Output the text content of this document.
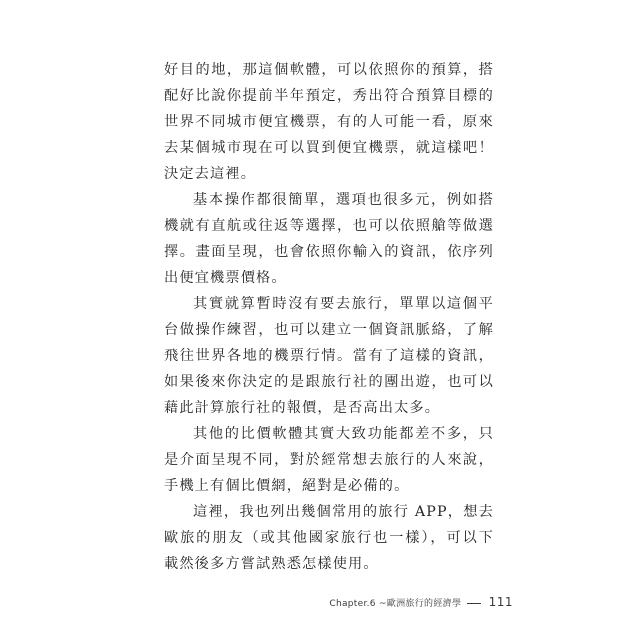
好目的地，那這個軟體，可以依照你的預算，搭配好比說你提前半年預定，秀出符合預算目標的世界不同城市便宜機票，有的人可能一看，原來去某個城市現在可以買到便宜機票，就這樣吧！決定去這裡。

基本操作都很簡單，選項也很多元，例如搭機就有直航或往返等選擇，也可以依照艙等做選擇。畫面呈現，也會依照你輸入的資訊，依序列出便宜機票價格。

其實就算暫時沒有要去旅行，單單以這個平台做操作練習，也可以建立一個資訊脈絡，了解飛往世界各地的機票行情。當有了這樣的資訊，如果後來你決定的是跟旅行社的團出遊，也可以藉此計算旅行社的報價，是否高出太多。

其他的比價軟體其實大致功能都差不多，只是介面呈現不同，對於經常想去旅行的人來說，手機上有個比價網，絕對是必備的。

這裡，我也列出幾個常用的旅行 APP，想去歐旅的朋友（或其他國家旅行也一樣），可以下載然後多方嘗試熟悉怎樣使用。

Chapter.6 ~歐洲旅行的經濟學 111
